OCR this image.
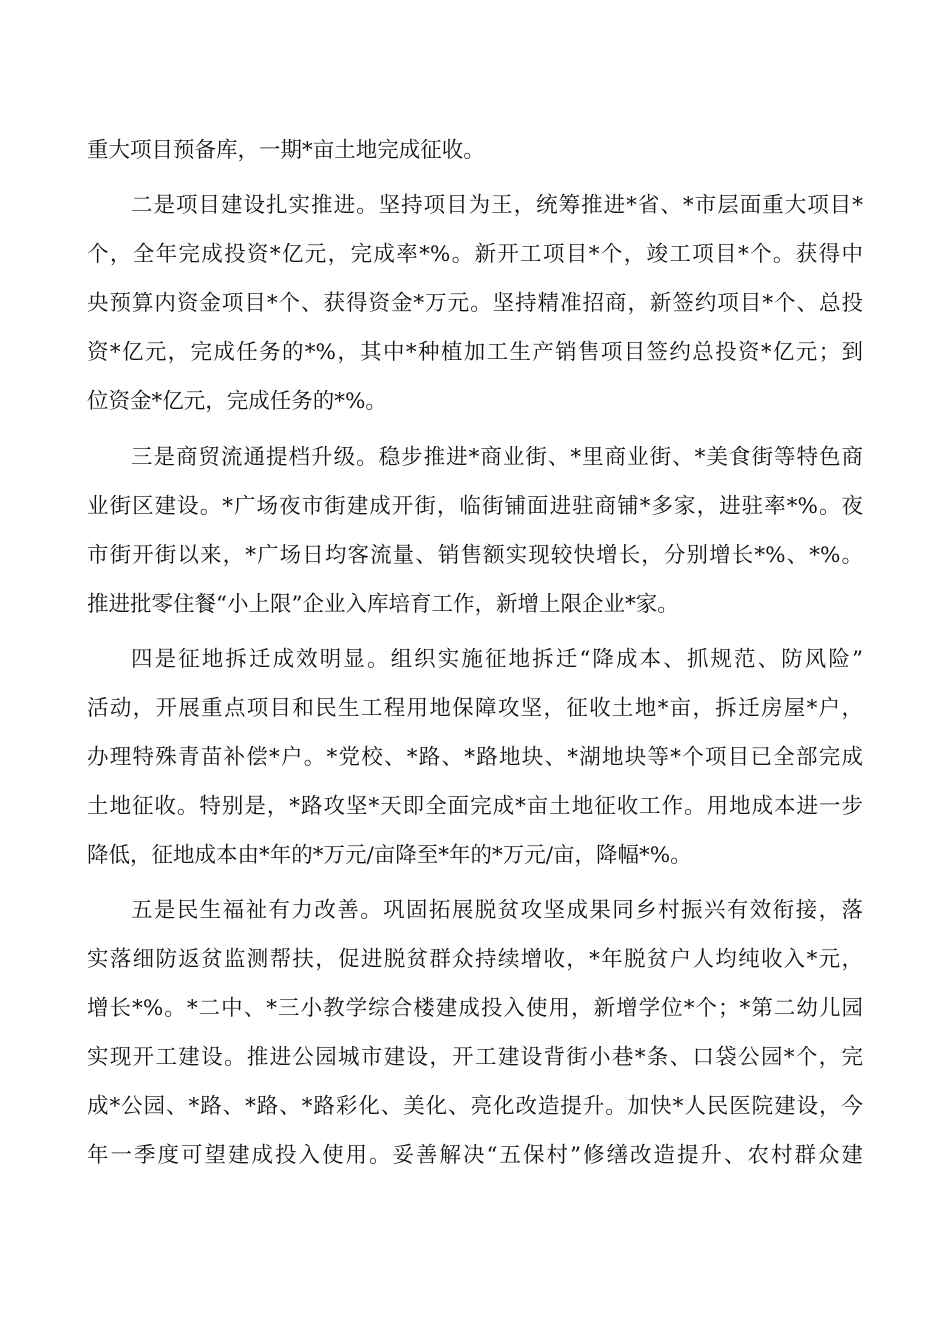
重大项目预备库，一期*亩土地完成征收。
二是项目建设扎实推进。坚持项目为王，统筹推进*省、*市层面重大项目*
个，全年完成投资*亿元，完成率*%。新开工项目*个，竣工项目*个。获得中
央预算内资金项目*个、获得资金*万元。坚持精准招商，新签约项目*个、总投
资*亿元，完成任务的*%，其中*种植加工生产销售项目签约总投资*亿元；到
位资金*亿元，完成任务的*%。
三是商贸流通提档升级。稳步推进*商业街、*里商业街、*美食街等特色商
业街区建设。*广场夜市街建成开街，临街铺面进驻商铺*多家，进驻率*%。夜
市街开街以来，*广场日均客流量、销售额实现较快增长，分别增长*%、*%。
推进批零住餐“小上限”企业入库培育工作，新增上限企业*家。
四是征地拆迁成效明显。组织实施征地拆迁“降成本、抓规范、防风险”
活动，开展重点项目和民生工程用地保障攻坚，征收土地*亩，拆迁房屋*户，
办理特殊青苗补偿*户。*党校、*路、*路地块、*湖地块等*个项目已全部完成
土地征收。特别是，*路攻坚*天即全面完成*亩土地征收工作。用地成本进一步
降低，征地成本由*年的*万元/亩降至*年的*万元/亩，降幅*%。
五是民生福祉有力改善。巩固拓展脱贫攻坚成果同乡村振兴有效衔接，落
实落细防返贫监测帮扶，促进脱贫群众持续增收，*年脱贫户人均纯收入*元，
增长*%。*二中、*三小教学综合楼建成投入使用，新增学位*个；*第二幼儿园
实现开工建设。推进公园城市建设，开工建设背街小巷*条、口袋公园*个，完
成*公园、*路、*路、*路彩化、美化、亮化改造提升。加快*人民医院建设，今
年一季度可望建成投入使用。妥善解决“五保村”修缮改造提升、农村群众建
